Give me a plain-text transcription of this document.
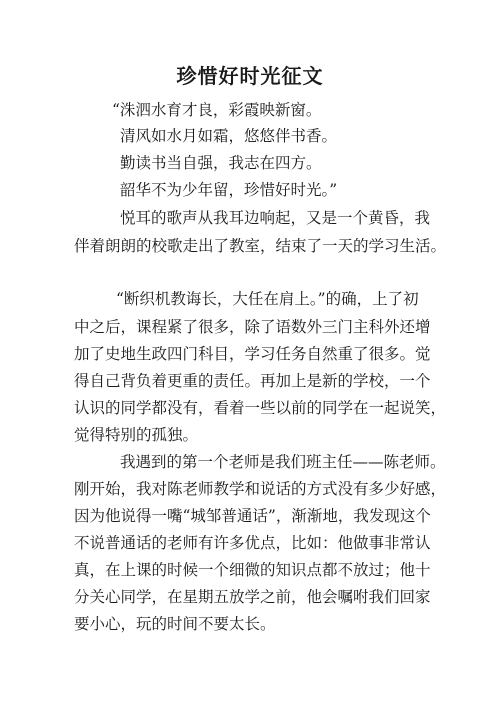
珍惜好时光征文
“洙泗水育才良，彩霞映新窗。
清风如水月如霜，悠悠伴书香。
勤读书当自强，我志在四方。
韶华不为少年留，珍惜好时光。”
悦耳的歌声从我耳边响起，又是一个黄昏，我
伴着朗朗的校歌走出了教室，结束了一天的学习生活。
“断织机教诲长，大任在肩上。”的确，上了初
中之后，课程紧了很多，除了语数外三门主科外还增
加了史地生政四门科目，学习任务自然重了很多。觉
得自己背负着更重的责任。再加上是新的学校，一个
认识的同学都没有，看着一些以前的同学在一起说笑，
觉得特别的孤独。
我遇到的第一个老师是我们班主任——陈老师。
刚开始，我对陈老师教学和说话的方式没有多少好感，
因为他说得一嘴“城邹普通话”，渐渐地，我发现这个
不说普通话的老师有许多优点，比如：他做事非常认
真，在上课的时候一个细微的知识点都不放过；他十
分关心同学，在星期五放学之前，他会嘱咐我们回家
要小心，玩的时间不要太长。
